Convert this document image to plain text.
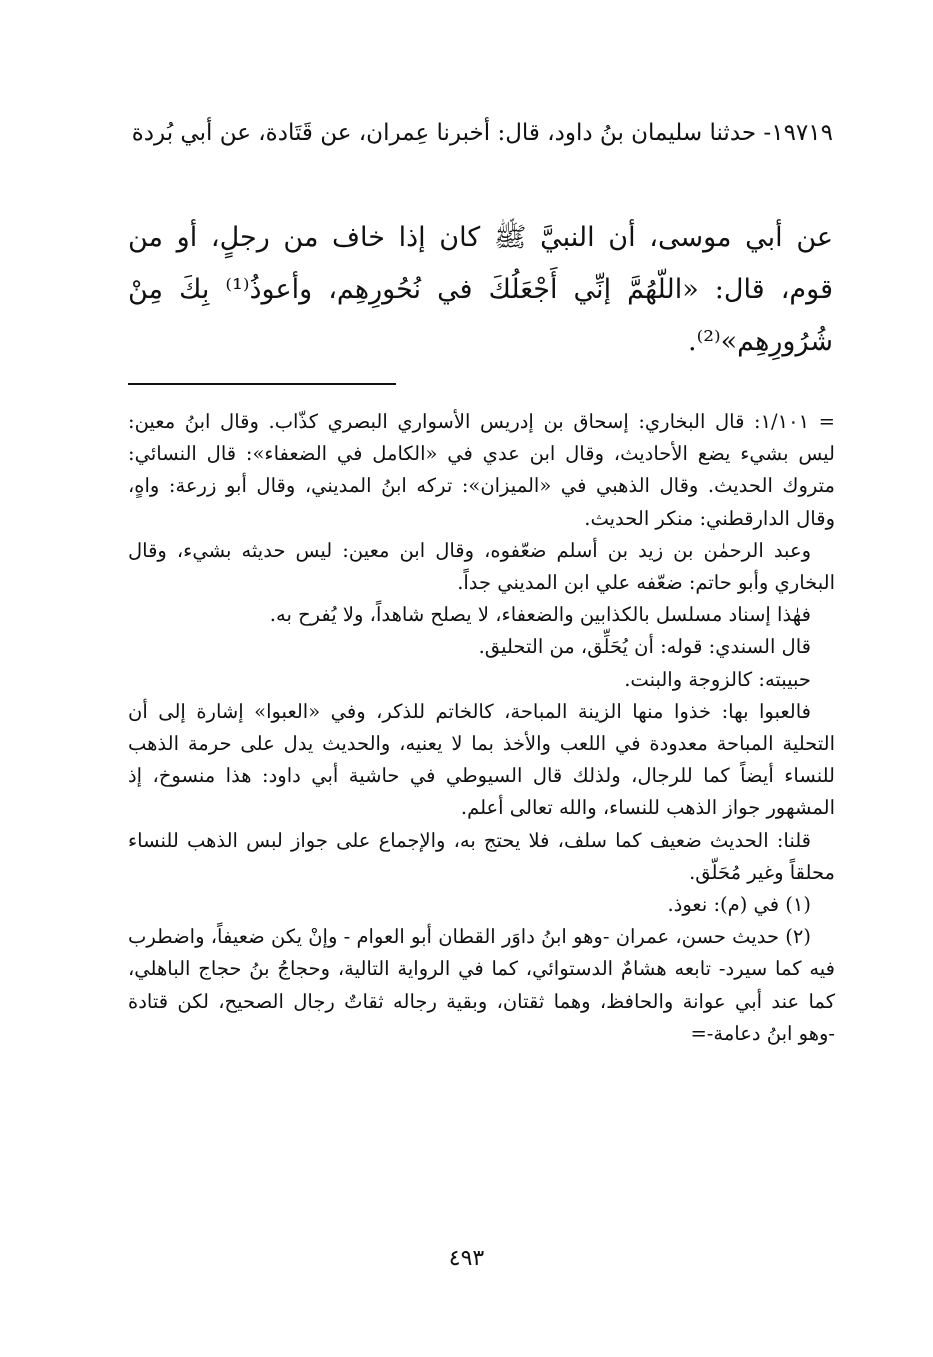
١٩٧١٩- حدثنا سليمان بنُ داود، قال: أخبرنا عِمران، عن قَتَادة، عن أبي بُردة
عن أبي موسى، أن النبيَّ ﷺ كان إذا خاف من رجلٍ، أو من قوم، قال: «اللّهُمَّ إنِّي أَجْعَلُكَ في نُحُورِهِم، وأعوذُ⁽¹⁾ بِكَ مِنْ شُرُورِهِم»⁽²⁾.

= ١/١٠١: قال البخاري: إسحاق بن إدريس الأسواري البصري كذّاب. وقال ابنُ معين: ليس بشيء يضع الأحاديث، وقال ابن عدي في «الكامل في الضعفاء»: قال النسائي: متروك الحديث. وقال الذهبي في «الميزان»: تركه ابنُ المديني، وقال أبو زرعة: واهٍ، وقال الدارقطني: منكر الحديث.

وعبد الرحمٰن بن زيد بن أسلم ضعّفوه، وقال ابن معين: ليس حديثه بشيء، وقال البخاري وأبو حاتم: ضعّفه علي ابن المديني جداً.

فهٰذا إسناد مسلسل بالكذابين والضعفاء، لا يصلح شاهداً، ولا يُفرح به.

قال السندي: قوله: أن يُحَلِّق، من التحليق.

حبيبته: كالزوجة والبنت.

فالعبوا بها: خذوا منها الزينة المباحة، كالخاتم للذكر، وفي «العبوا» إشارة إلى أن التحلية المباحة معدودة في اللعب والأخذ بما لا يعنيه، والحديث يدل على حرمة الذهب للنساء أيضاً كما للرجال، ولذلك قال السيوطي في حاشية أبي داود: هذا منسوخ، إذ المشهور جواز الذهب للنساء، والله تعالى أعلم.

قلنا: الحديث ضعيف كما سلف، فلا يحتج به، والإجماع على جواز لبس الذهب للنساء محلقاً وغير مُحَلّق.

(١) في (م): نعوذ.

(٢) حديث حسن، عمران -وهو ابنُ داوَر القطان أبو العوام - وإنْ يكن ضعيفاً، واضطرب فيه كما سيرد- تابعه هشامٌ الدستوائي، كما في الرواية التالية، وحجاجُ بنُ حجاج الباهلي، كما عند أبي عوانة والحافظ، وهما ثقتان، وبقية رجاله ثقاتٌ رجال الصحيح، لكن قتادة -وهو ابنُ دعامة-=

٤٩٣
